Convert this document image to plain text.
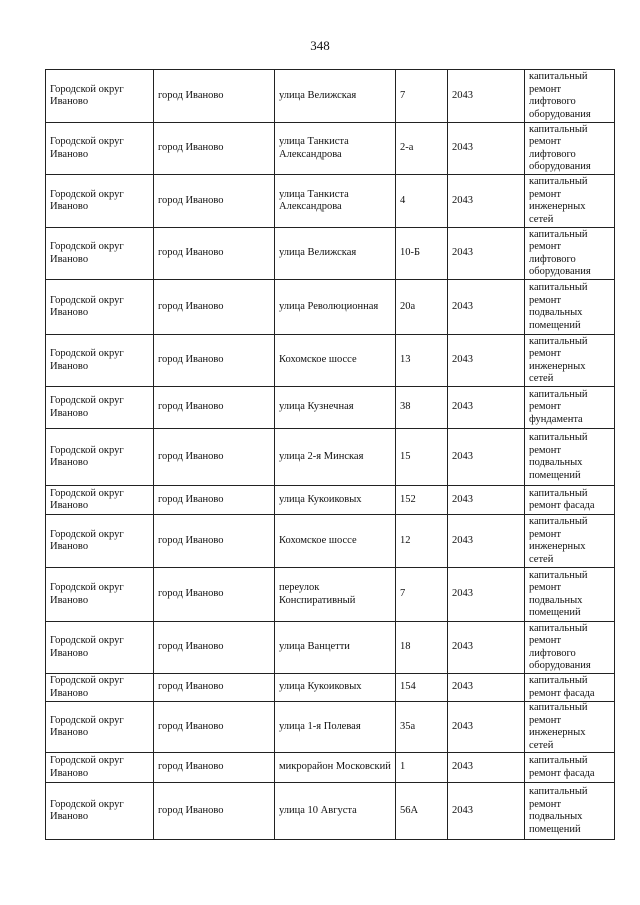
348
Городской округ Иваново	город Иваново	улица Велижская	7	2043	капитальный ремонт лифтового оборудования
Городской округ Иваново	город Иваново	улица Танкиста Александрова	2-а	2043	капитальный ремонт лифтового оборудования
Городской округ Иваново	город Иваново	улица Танкиста Александрова	4	2043	капитальный ремонт инженерных сетей
Городской округ Иваново	город Иваново	улица Велижская	10-Б	2043	капитальный ремонт лифтового оборудования
Городской округ Иваново	город Иваново	улица Революционная	20а	2043	капитальный ремонт подвальных помещений
Городской округ Иваново	город Иваново	Кохомское шоссе	13	2043	капитальный ремонт инженерных сетей
Городской округ Иваново	город Иваново	улица Кузнечная	38	2043	капитальный ремонт фундамента
Городской округ Иваново	город Иваново	улица 2-я Минская	15	2043	капитальный ремонт подвальных помещений
Городской округ Иваново	город Иваново	улица Кукоиковых	152	2043	капитальный ремонт фасада
Городской округ Иваново	город Иваново	Кохомское шоссе	12	2043	капитальный ремонт инженерных сетей
Городской округ Иваново	город Иваново	переулок Конспиративный	7	2043	капитальный ремонт подвальных помещений
Городской округ Иваново	город Иваново	улица Ванцетти	18	2043	капитальный ремонт лифтового оборудования
Городской округ Иваново	город Иваново	улица Кукоиковых	154	2043	капитальный ремонт фасада
Городской округ Иваново	город Иваново	улица 1-я Полевая	35а	2043	капитальный ремонт инженерных сетей
Городской округ Иваново	город Иваново	микрорайон Московский	1	2043	капитальный ремонт фасада
Городской округ Иваново	город Иваново	улица 10 Августа	56А	2043	капитальный ремонт подвальных помещений
